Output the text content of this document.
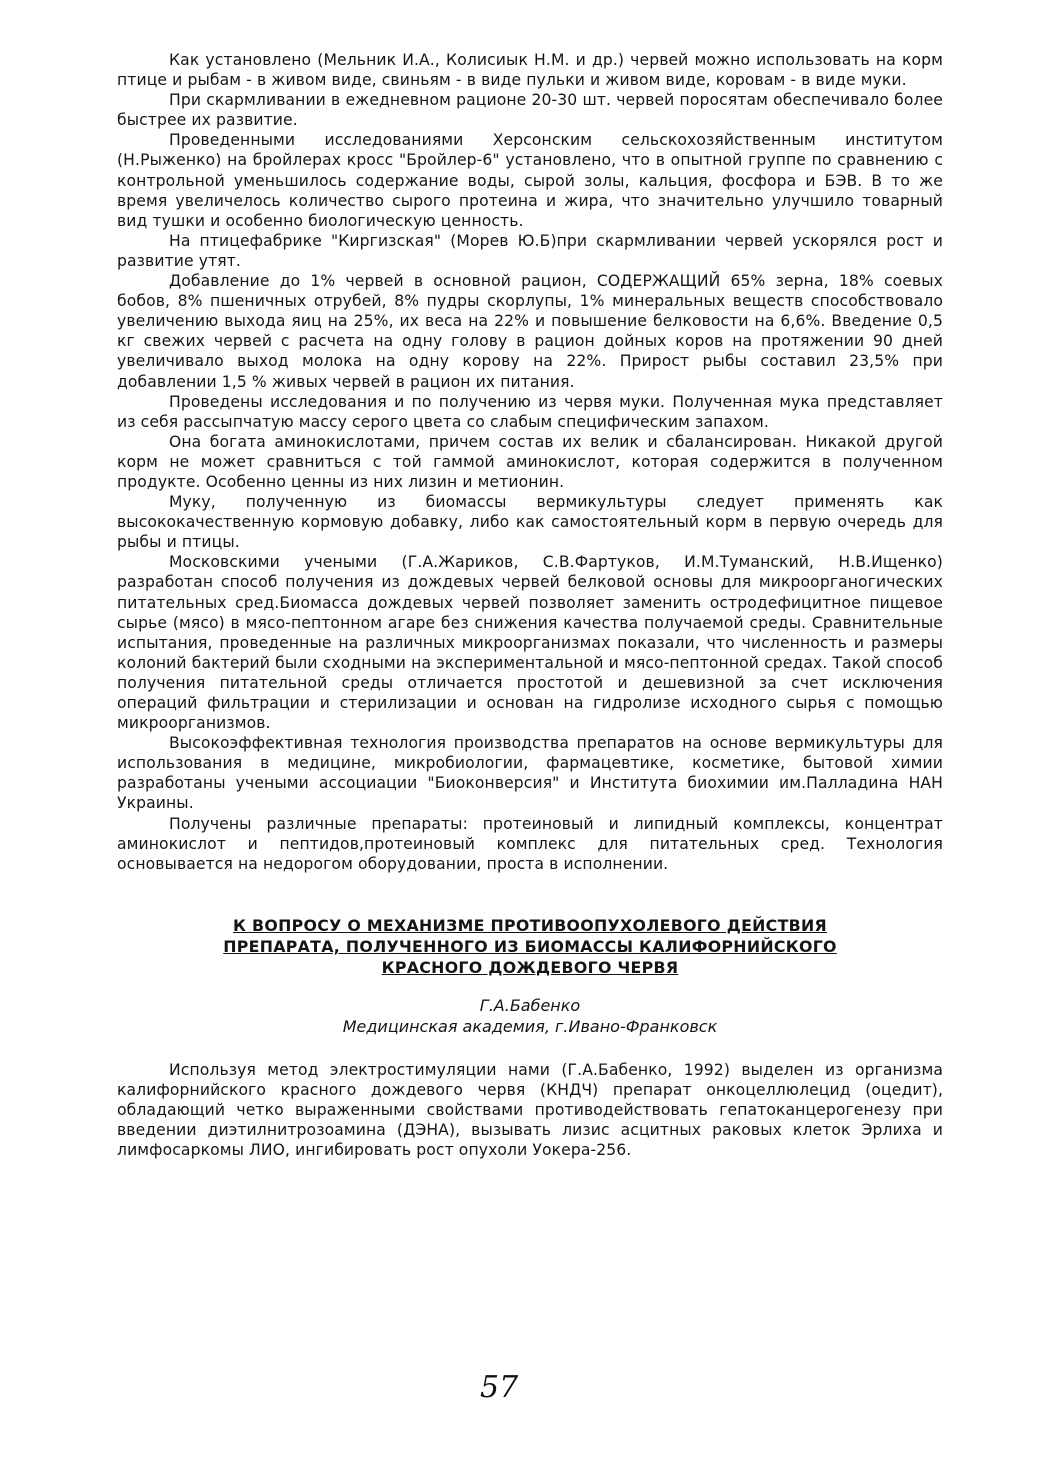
Как установлено (Мельник И.А., Колисиык Н.М. и др.) червей можно использовать на корм птице и рыбам - в живом виде, свиньям - в виде пульки и живом виде, коровам - в виде муки.

При скармливании в ежедневном рационе 20-30 шт. червей поросятам обеспечивало более быстрее их развитие.

Проведенными исследованиями Херсонским сельскохозяйственным институтом (Н.Рыженко) на бройлерах кросс "Бройлер-6" установлено, что в опытной группе по сравнению с контрольной уменьшилось содержание воды, сырой золы, кальция, фосфора и БЭВ. В то же время увеличелось количество сырого протеина и жира, что значительно улучшило товарный вид тушки и особенно биологическую ценность.

На птицефабрике "Киргизская" (Морев Ю.Б)при скармливании червей ускорялся рост и развитие утят.

Добавление до 1% червей в основной рацион, СОДЕРЖАЩИЙ 65% зерна, 18% соевых бобов, 8% пшеничных отрубей, 8% пудры скорлупы, 1% минеральных веществ способствовало увеличению выхода яиц на 25%, их веса на 22% и повышение белковости на 6,6%. Введение 0,5 кг свежих червей с расчета на одну голову в рацион дойных коров на протяжении 90 дней увеличивало выход молока на одну корову на 22%. Прирост рыбы составил 23,5% при добавлении 1,5 % живых червей в рацион их питания.

Проведены исследования и по получению из червя муки. Полученная мука представляет из себя рассыпчатую массу серого цвета со слабым специфическим запахом.

Она богата аминокислотами, причем состав их велик и сбалансирован. Никакой другой корм не может сравниться с той гаммой аминокислот, которая содержится в полученном продукте. Особенно ценны из них лизин и метионин.

Муку, полученную из биомассы вермикультуры следует применять как высококачественную кормовую добавку, либо как самостоятельный корм в первую очередь для рыбы и птицы.

Московскими учеными (Г.А.Жариков, С.В.Фартуков, И.М.Туманский, Н.В.Ищенко) разработан способ получения из дождевых червей белковой основы для микроорганогических питательных сред.Биомасса дождевых червей позволяет заменить остродефицитное пищевое сырье (мясо) в мясо-пептонном агаре без снижения качества получаемой среды. Сравнительные испытания, проведенные на различных микроорганизмах показали, что численность и размеры колоний бактерий были сходными на экспериментальной и мясо-пептонной средах. Такой способ получения питательной среды отличается простотой и дешевизной за счет исключения операций фильтрации и стерилизации и основан на гидролизе исходного сырья с помощью микроорганизмов.

Высокоэффективная технология производства препаратов на основе вермикультуры для использования в медицине, микробиологии, фармацевтике, косметике, бытовой химии разработаны учеными ассоциации "Биоконверсия" и Института биохимии им.Палладина НАН Украины.

Получены различные препараты: протеиновый и липидный комплексы, концентрат аминокислот и пептидов,протеиновый комплекс для питательных сред. Технология основывается на недорогом оборудовании, проста в исполнении.

К ВОПРОСУ О МЕХАНИЗМЕ ПРОТИВООПУХОЛЕВОГО ДЕЙСТВИЯ
ПРЕПАРАТА, ПОЛУЧЕННОГО ИЗ БИОМАССЫ КАЛИФОРНИЙСКОГО
КРАСНОГО ДОЖДЕВОГО ЧЕРВЯ

Г.А.Бабенко

Медицинская академия, г.Ивано-Франковск

Используя метод электростимуляции нами (Г.А.Бабенко, 1992) выделен из организма калифорнийского красного дождевого червя (КНДЧ) препарат онкоцеллюлецид (оцедит), обладающий четко выраженными свойствами противодействовать гепатоканцерогенезу при введении диэтилнитрозоамина (ДЭНА), вызывать лизис асцитных раковых клеток Эрлиха и лимфосаркомы ЛИО, ингибировать рост опухоли Уокера-256.

57
